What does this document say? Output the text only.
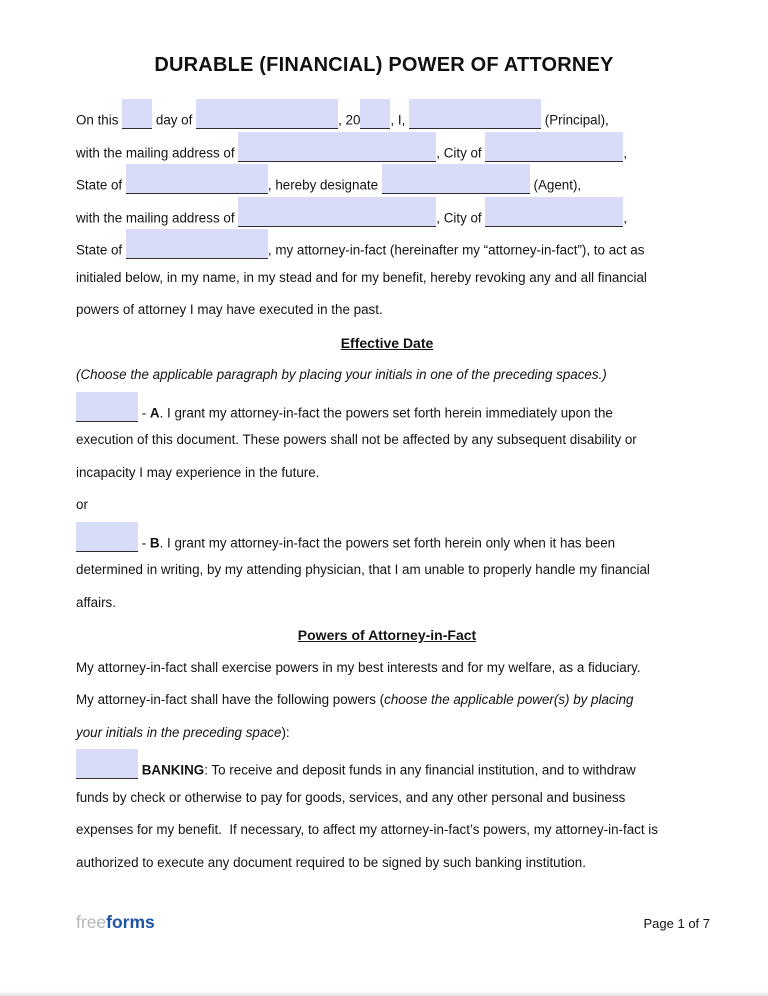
DURABLE (FINANCIAL) POWER OF ATTORNEY
On this  day of	, 20 , I,	(Principal),
with the mailing address of	, City of	,
State of	, hereby designate	(Agent),
with the mailing address of	, City of	,
State of	, my attorney-in-fact (hereinafter my “attorney-in-fact”), to act as
initialed below, in my name, in my stead and for my benefit, hereby revoking any and all financial
powers of attorney I may have executed in the past.
Effective Date
(Choose the applicable paragraph by placing your initials in one of the preceding spaces.)
- A. I grant my attorney-in-fact the powers set forth herein immediately upon the
execution of this document. These powers shall not be affected by any subsequent disability or
incapacity I may experience in the future.
or
- B. I grant my attorney-in-fact the powers set forth herein only when it has been
determined in writing, by my attending physician, that I am unable to properly handle my financial
affairs.
Powers of Attorney-in-Fact
My attorney-in-fact shall exercise powers in my best interests and for my welfare, as a fiduciary.
My attorney-in-fact shall have the following powers (choose the applicable power(s) by placing
your initials in the preceding space):
BANKING: To receive and deposit funds in any financial institution, and to withdraw
funds by check or otherwise to pay for goods, services, and any other personal and business
expenses for my benefit.  If necessary, to affect my attorney-in-fact’s powers, my attorney-in-fact is
authorized to execute any document required to be signed by such banking institution.
freeforms	Page 1 of 7
